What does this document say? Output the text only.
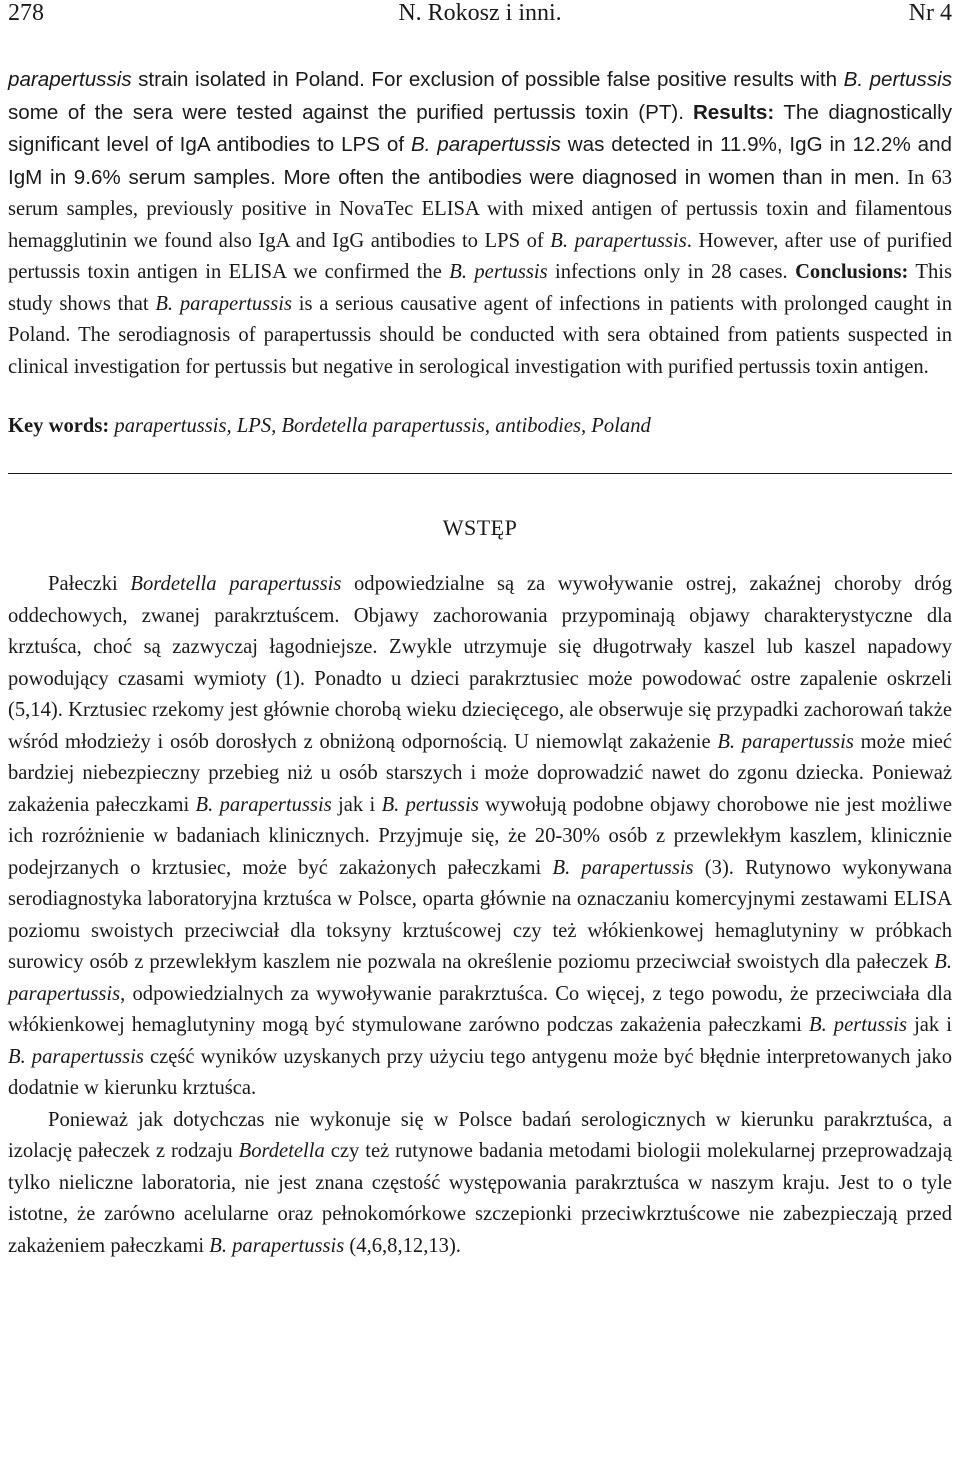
278	N. Rokosz i inni.	Nr 4

parapertussis strain isolated in Poland. For exclusion of possible false positive results with B. pertussis some of the sera were tested against the purified pertussis toxin (PT). Results: The diagnostically significant level of IgA antibodies to LPS of B. parapertussis was detected in 11.9%, IgG in 12.2% and IgM in 9.6% serum samples. More often the antibodies were diagnosed in women than in men. In 63 serum samples, previously positive in NovaTec ELISA with mixed antigen of pertussis toxin and filamentous hemagglutinin we found also IgA and IgG antibodies to LPS of B. parapertussis. However, after use of purified pertussis toxin antigen in ELISA we confirmed the B. pertussis infections only in 28 cases. Conclusions: This study shows that B. parapertussis is a serious causative agent of infections in patients with prolonged caught in Poland. The serodiagnosis of parapertussis should be conducted with sera obtained from patients suspected in clinical investigation for pertussis but negative in serological investigation with purified pertussis toxin antigen.

Key words: parapertussis, LPS, Bordetella parapertussis, antibodies, Poland

WSTĘP

Pałeczki Bordetella parapertussis odpowiedzialne są za wywoływanie ostrej, zakaźnej choroby dróg oddechowych, zwanej parakrztuścem. Objawy zachorowania przypominają objawy charakterystyczne dla krztuśca, choć są zazwyczaj łagodniejsze. Zwykle utrzymuje się długotrwały kaszel lub kaszel napadowy powodujący czasami wymioty (1). Ponadto u dzieci parakrztusiec może powodować ostre zapalenie oskrzeli (5,14). Krztusiec rzekomy jest głównie chorobą wieku dziecięcego, ale obserwuje się przypadki zachorowań także wśród młodzieży i osób dorosłych z obniżoną odpornością. U niemowląt zakażenie B. parapertussis może mieć bardziej niebezpieczny przebieg niż u osób starszych i może doprowadzić nawet do zgonu dziecka. Ponieważ zakażenia pałeczkami B. parapertussis jak i B. pertussis wywołują podobne objawy chorobowe nie jest możliwe ich rozróżnienie w badaniach klinicznych. Przyjmuje się, że 20-30% osób z przewlekłym kaszlem, klinicznie podejrzanych o krztusiec, może być zakażonych pałeczkami B. parapertussis (3). Rutynowo wykonywana serodiagnostyka laboratoryjna krztuśca w Polsce, oparta głównie na oznaczaniu komercyjnymi zestawami ELISA poziomu swoistych przeciwciał dla toksyny krztuścowej czy też włókienkowej hemaglutyniny w próbkach surowicy osób z przewlekłym kaszlem nie pozwala na określenie poziomu przeciwciał swoistych dla pałeczek B. parapertussis, odpowiedzialnych za wywoływanie parakrztuśca. Co więcej, z tego powodu, że przeciwciała dla włókienkowej hemaglutyniny mogą być stymulowane zarówno podczas zakażenia pałeczkami B. pertussis jak i B. parapertussis część wyników uzyskanych przy użyciu tego antygenu może być błędnie interpretowanych jako dodatnie w kierunku krztuśca.

Ponieważ jak dotychczas nie wykonuje się w Polsce badań serologicznych w kierunku parakrztuśca, a izolację pałeczek z rodzaju Bordetella czy też rutynowe badania metodami biologii molekularnej przeprowadzają tylko nieliczne laboratoria, nie jest znana częstość występowania parakrztuśca w naszym kraju. Jest to o tyle istotne, że zarówno acelularne oraz pełnokomórkowe szczepionki przeciwkrztuścowe nie zabezpieczają przed zakażeniem pałeczkami B. parapertussis (4,6,8,12,13).
